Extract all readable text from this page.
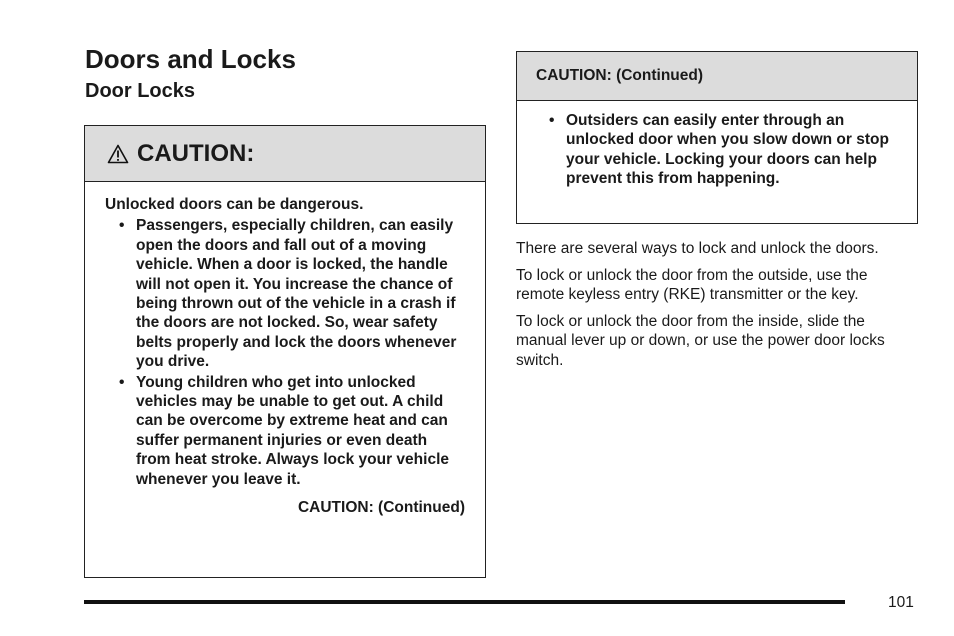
Doors and Locks
Door Locks
CAUTION:

Unlocked doors can be dangerous.

• Passengers, especially children, can easily open the doors and fall out of a moving vehicle. When a door is locked, the handle will not open it. You increase the chance of being thrown out of the vehicle in a crash if the doors are not locked. So, wear safety belts properly and lock the doors whenever you drive.
• Young children who get into unlocked vehicles may be unable to get out. A child can be overcome by extreme heat and can suffer permanent injuries or even death from heat stroke. Always lock your vehicle whenever you leave it.
CAUTION: (Continued)
CAUTION: (Continued)
• Outsiders can easily enter through an unlocked door when you slow down or stop your vehicle. Locking your doors can help prevent this from happening.

There are several ways to lock and unlock the doors.

To lock or unlock the door from the outside, use the remote keyless entry (RKE) transmitter or the key.

To lock or unlock the door from the inside, slide the manual lever up or down, or use the power door locks switch.

101
